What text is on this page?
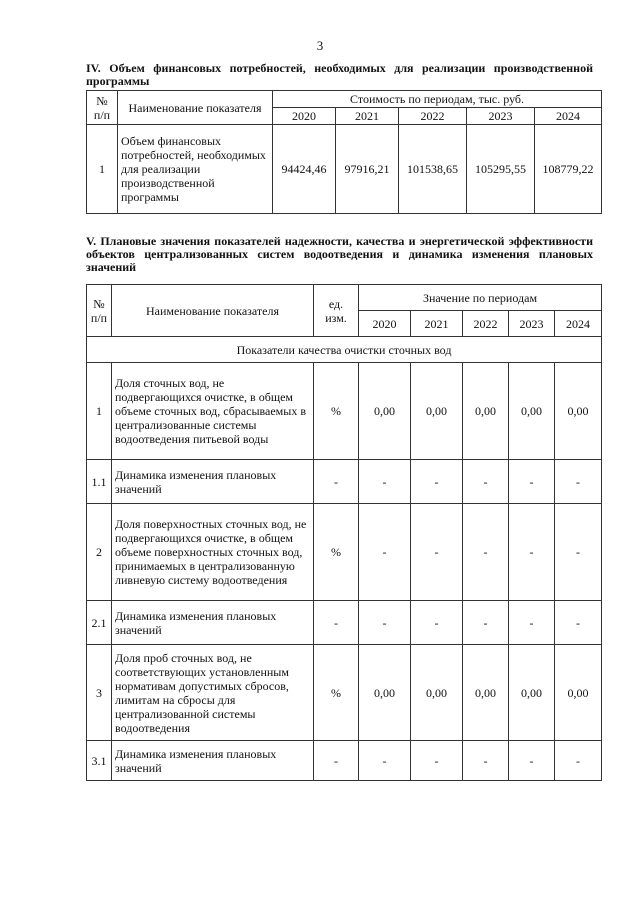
3
IV. Объем финансовых потребностей, необходимых для реализации производственной программы
№ п/п	Наименование показателя	Стоимость по периодам, тыс. руб.				
		2020	2021	2022	2023	2024
1	Объем финансовых потребностей, необходимых для реализации производственной программы	94424,46	97916,21	101538,65	105295,55	108779,22
V. Плановые значения показателей надежности, качества и энергетической эффективности объектов централизованных систем водоотведения и динамика изменения плановых значений
№ п/п	Наименование показателя	ед. изм.	Значение по периодам				
			2020	2021	2022	2023	2024
Показатели качества очистки сточных вод							
1	Доля сточных вод, не подвергающихся очистке, в общем объеме сточных вод, сбрасываемых в централизованные системы водоотведения питьевой воды	%	0,00	0,00	0,00	0,00	0,00
1.1	Динамика изменения плановых значений	-	-	-	-	-	-
2	Доля поверхностных сточных вод, не подвергающихся очистке, в общем объеме поверхностных сточных вод, принимаемых в централизованную ливневую систему водоотведения	%	-	-	-	-	-
2.1	Динамика изменения плановых значений	-	-	-	-	-	-
3	Доля проб сточных вод, не соответствующих установленным нормативам допустимых сбросов, лимитам на сбросы для централизованной системы водоотведения	%	0,00	0,00	0,00	0,00	0,00
3.1	Динамика изменения плановых значений	-	-	-	-	-	-
